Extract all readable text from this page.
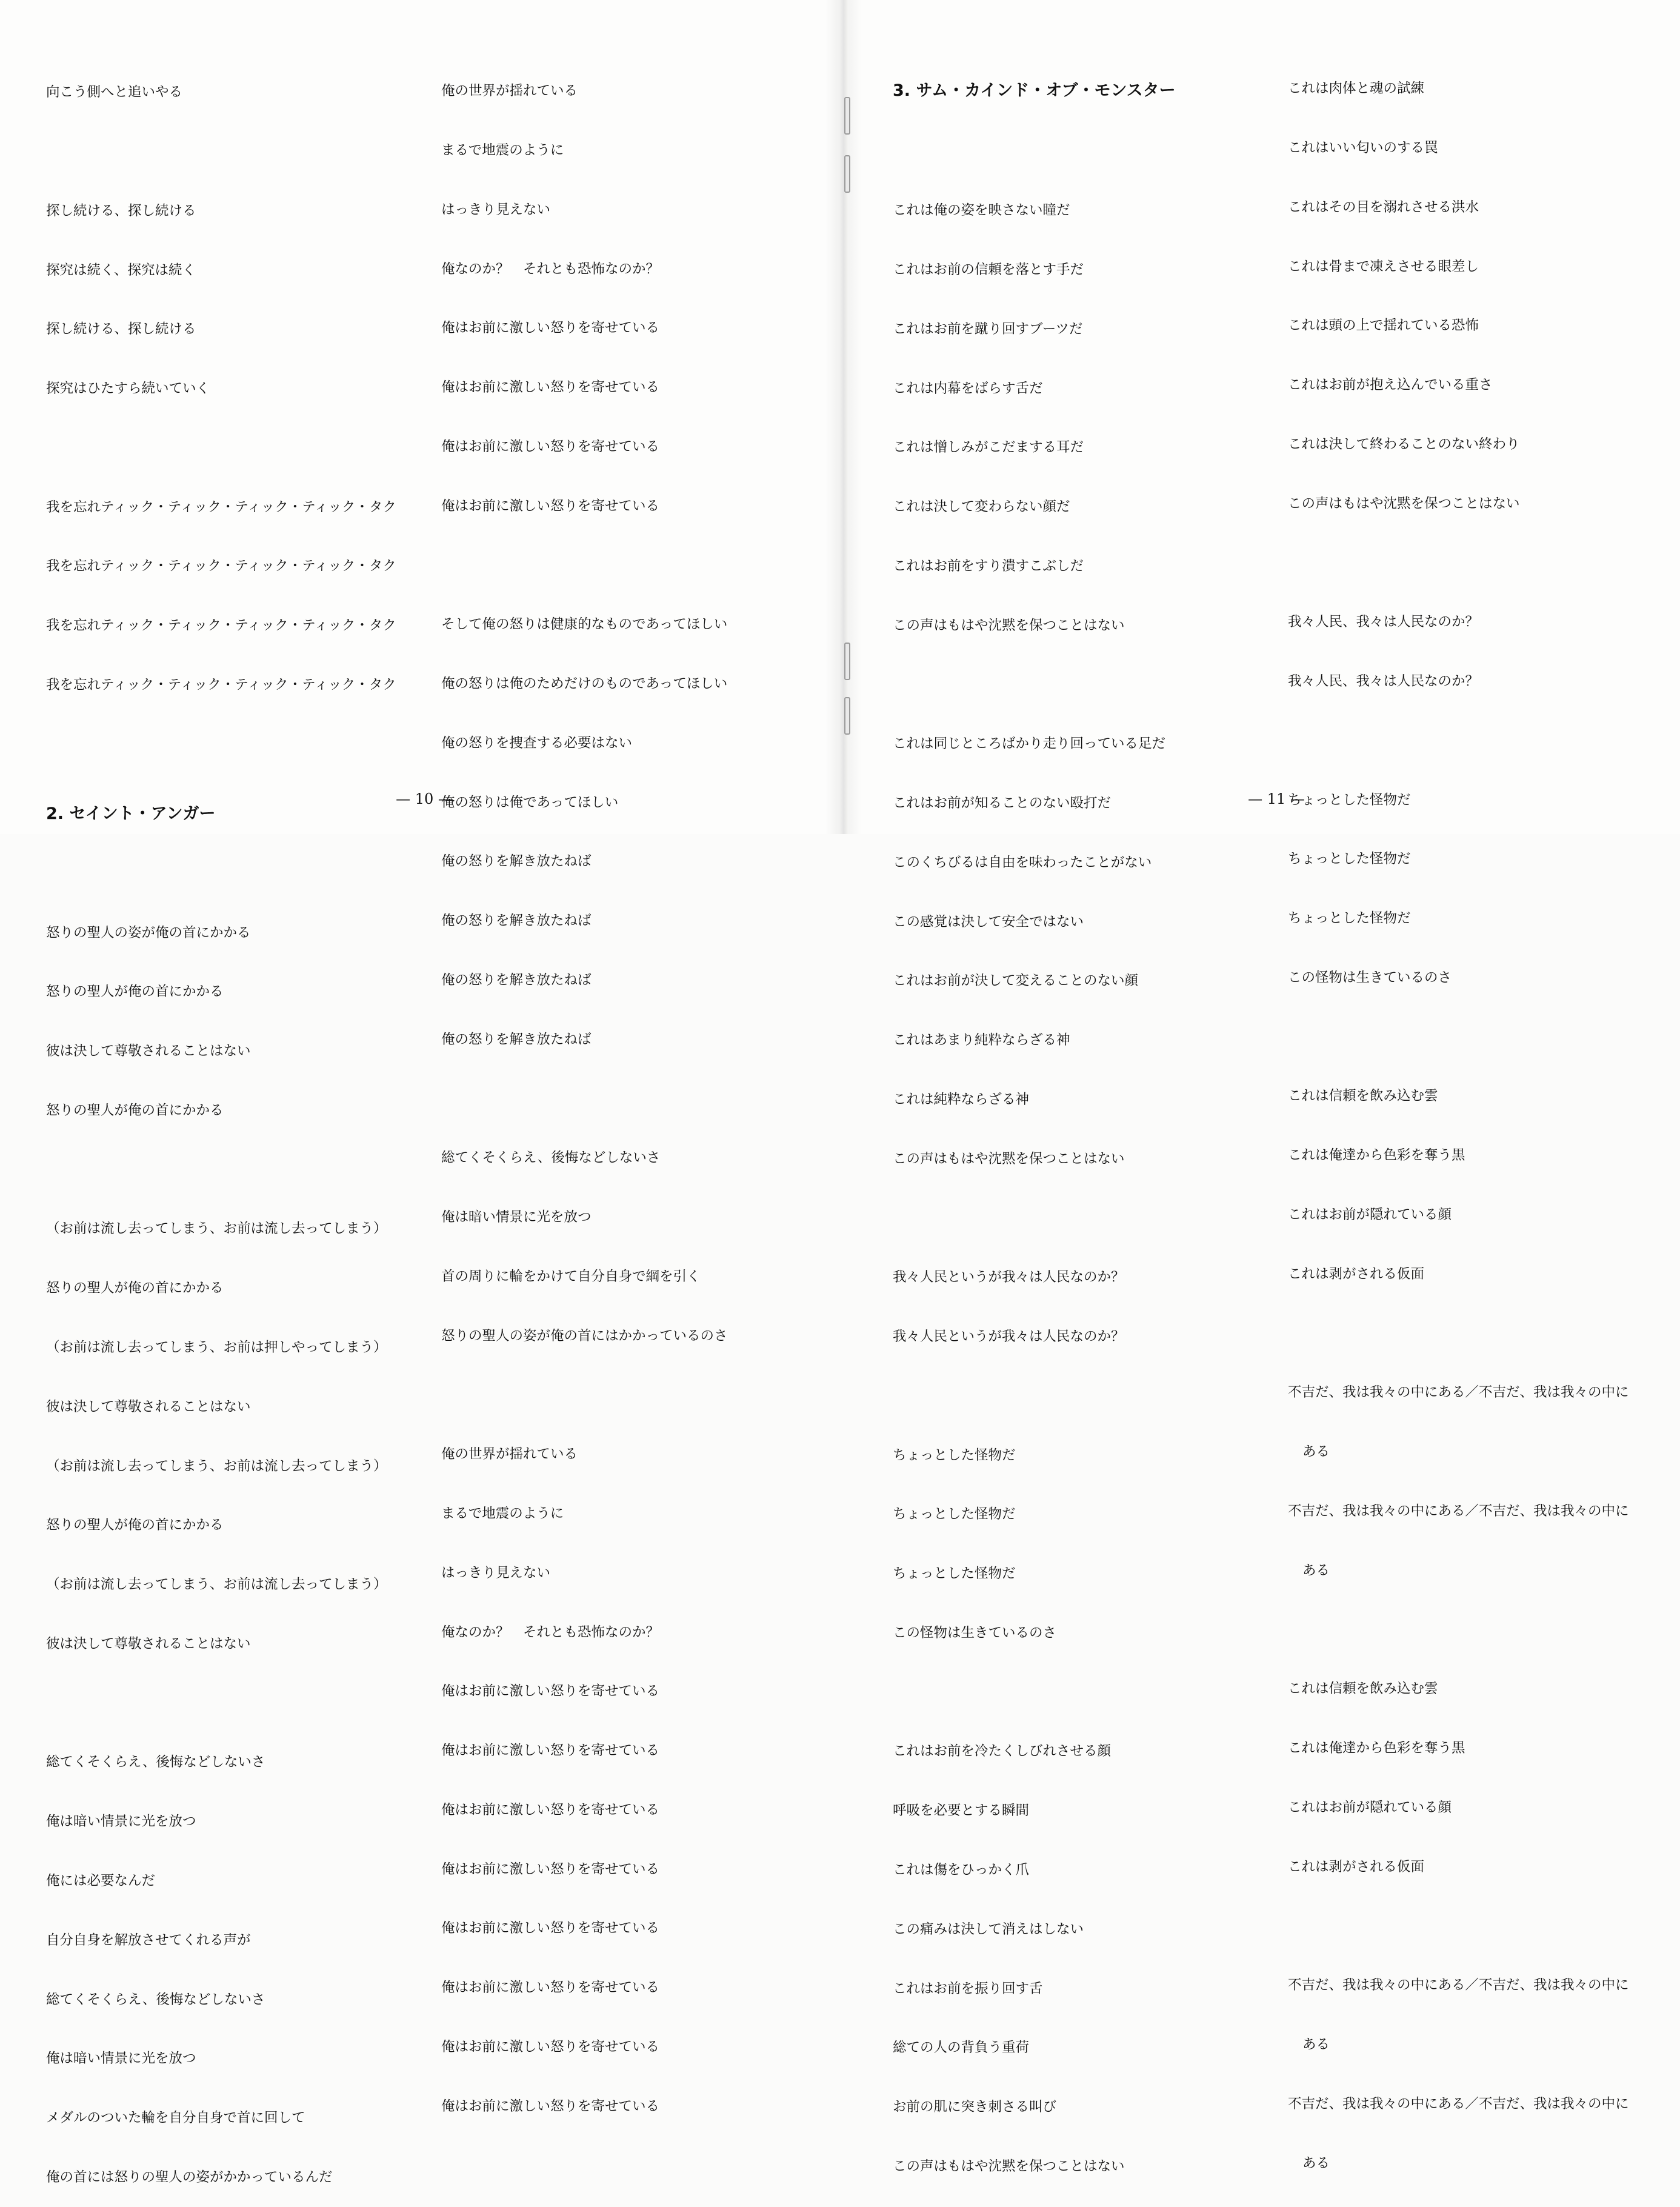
向こう側へと追いやる

探し続ける、探し続ける

探究は続く、探究は続く

探し続ける、探し続ける

探究はひたすら続いていく

我を忘れティック・ティック・ティック・ティック・タク

我を忘れティック・ティック・ティック・ティック・タク

我を忘れティック・ティック・ティック・ティック・タク

我を忘れティック・ティック・ティック・ティック・タク

2. セイント・アンガー

怒りの聖人の姿が俺の首にかかる

怒りの聖人が俺の首にかかる

彼は決して尊敬されることはない

怒りの聖人が俺の首にかかる

（お前は流し去ってしまう、お前は流し去ってしまう）

怒りの聖人が俺の首にかかる

（お前は流し去ってしまう、お前は押しやってしまう）

彼は決して尊敬されることはない

（お前は流し去ってしまう、お前は流し去ってしまう）

怒りの聖人が俺の首にかかる

（お前は流し去ってしまう、お前は流し去ってしまう）

彼は決して尊敬されることはない

総てくそくらえ、後悔などしないさ

俺は暗い情景に光を放つ

俺には必要なんだ

自分自身を解放させてくれる声が

総てくそくらえ、後悔などしないさ

俺は暗い情景に光を放つ

メダルのついた輪を自分自身で首に回して

俺の首には怒りの聖人の姿がかかっているんだ

俺の世界が揺れている

まるで地震のように

はっきり見えない

俺なのか？　それとも恐怖なのか？

俺はお前に激しい怒りを寄せている

俺はお前に激しい怒りを寄せている

俺はお前に激しい怒りを寄せている

俺はお前に激しい怒りを寄せている

そして俺の怒りは健康的なものであってほしい

俺の怒りは俺のためだけのものであってほしい

俺の怒りを捜査する必要はない

俺の怒りは俺であってほしい

俺の怒りを解き放たねば

俺の怒りを解き放たねば

俺の怒りを解き放たねば

俺の怒りを解き放たねば

総てくそくらえ、後悔などしないさ

俺は暗い情景に光を放つ

首の周りに輪をかけて自分自身で綱を引く

怒りの聖人の姿が俺の首にはかかっているのさ

俺の世界が揺れている

まるで地震のように

はっきり見えない

俺なのか？　それとも恐怖なのか？

俺はお前に激しい怒りを寄せている

俺はお前に激しい怒りを寄せている

俺はお前に激しい怒りを寄せている

俺はお前に激しい怒りを寄せている

俺はお前に激しい怒りを寄せている

俺はお前に激しい怒りを寄せている

俺はお前に激しい怒りを寄せている

俺はお前に激しい怒りを寄せている

— 10 —

3. サム・カインド・オブ・モンスター

これは俺の姿を映さない瞳だ

これはお前の信頼を落とす手だ

これはお前を蹴り回すブーツだ

これは内幕をばらす舌だ

これは憎しみがこだまする耳だ

これは決して変わらない顔だ

これはお前をすり潰すこぶしだ

この声はもはや沈黙を保つことはない

これは同じところばかり走り回っている足だ

これはお前が知ることのない殴打だ

このくちびるは自由を味わったことがない

この感覚は決して安全ではない

これはお前が決して変えることのない顔

これはあまり純粋ならざる神

これは純粋ならざる神

この声はもはや沈黙を保つことはない

我々人民というが我々は人民なのか？

我々人民というが我々は人民なのか？

ちょっとした怪物だ

ちょっとした怪物だ

ちょっとした怪物だ

この怪物は生きているのさ

これはお前を冷たくしびれさせる顔

呼吸を必要とする瞬間

これは傷をひっかく爪

この痛みは決して消えはしない

これはお前を振り回す舌

総ての人の背負う重荷

お前の肌に突き刺さる叫び

この声はもはや沈黙を保つことはない

これは肉体と魂の試練

これはいい匂いのする罠

これはその目を溺れさせる洪水

これは骨まで凍えさせる眼差し

これは頭の上で揺れている恐怖

これはお前が抱え込んでいる重さ

これは決して終わることのない終わり

この声はもはや沈黙を保つことはない

我々人民、我々は人民なのか？

我々人民、我々は人民なのか？

ちょっとした怪物だ

ちょっとした怪物だ

ちょっとした怪物だ

この怪物は生きているのさ

これは信頼を飲み込む雲

これは俺達から色彩を奪う黒

これはお前が隠れている顔

これは剥がされる仮面

不吉だ、我は我々の中にある／不吉だ、我は我々の中に

ある

不吉だ、我は我々の中にある／不吉だ、我は我々の中に

ある

これは信頼を飲み込む雲

これは俺達から色彩を奪う黒

これはお前が隠れている顔

これは剥がされる仮面

不吉だ、我は我々の中にある／不吉だ、我は我々の中に

ある

不吉だ、我は我々の中にある／不吉だ、我は我々の中に

ある

— 11 —
